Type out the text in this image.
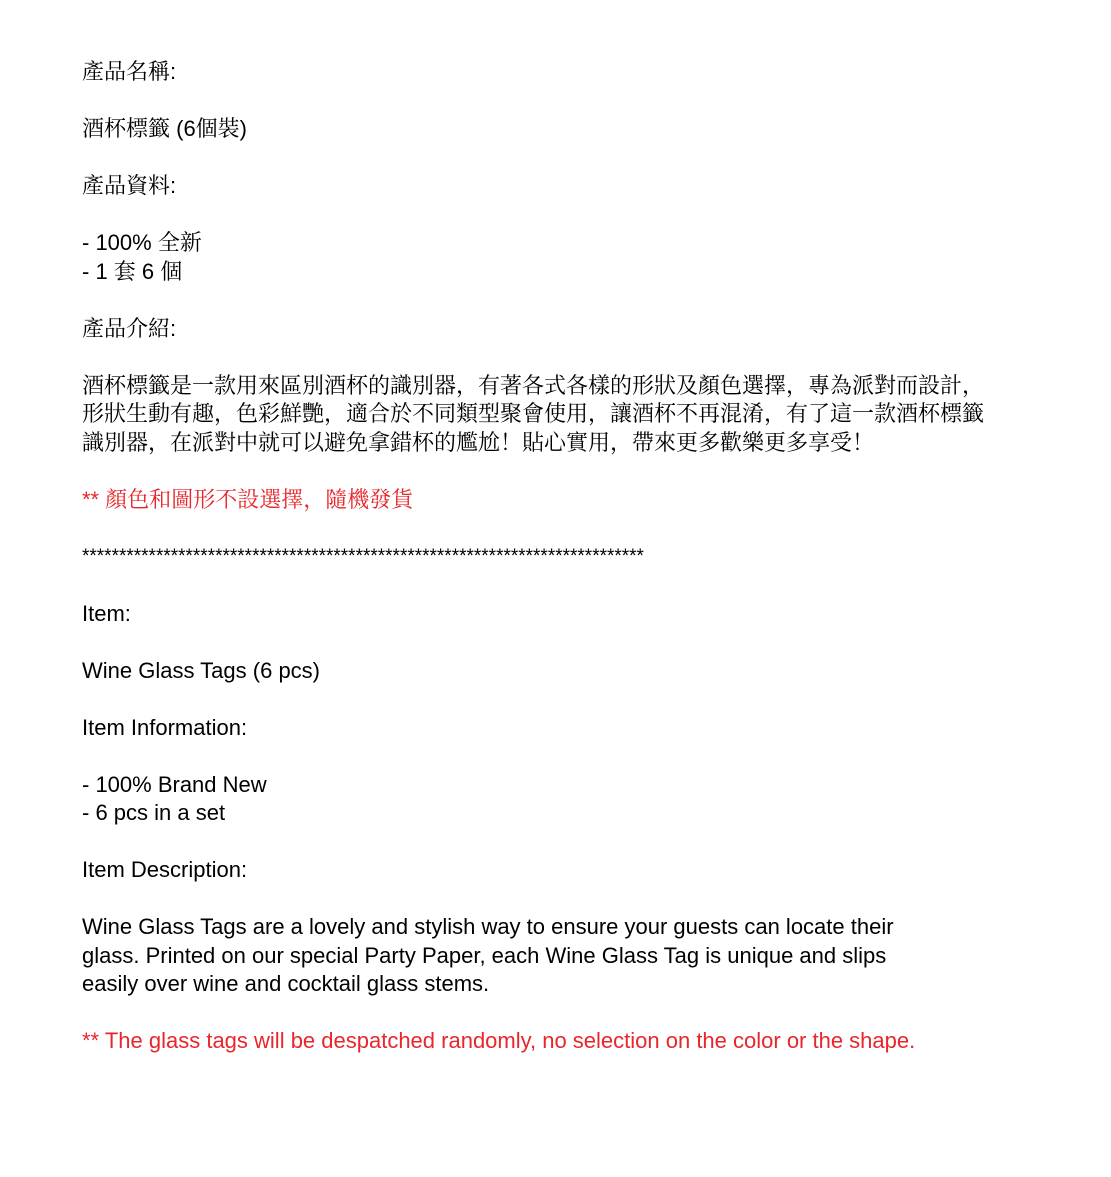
產品名稱:
酒杯標籤 (6個裝)
產品資料:
- 100% 全新
- 1 套 6 個
產品介紹:
酒杯標籤是一款用來區別酒杯的識別器，有著各式各樣的形狀及顏色選擇，專為派對而設計，形狀生動有趣，色彩鮮艷，適合於不同類型聚會使用，讓酒杯不再混淆，有了這一款酒杯標籤識別器，在派對中就可以避免拿錯杯的尷尬！貼心實用，帶來更多歡樂更多享受！
** 顏色和圖形不設選擇，隨機發貨
****************************************************************************
Item:
Wine Glass Tags (6 pcs)
Item Information:
- 100% Brand New
- 6 pcs in a set
Item Description:
Wine Glass Tags are a lovely and stylish way to ensure your guests can locate their
glass. Printed on our special Party Paper, each Wine Glass Tag is unique and slips
easily over wine and cocktail glass stems.
** The glass tags will be despatched randomly, no selection on the color or the shape.
